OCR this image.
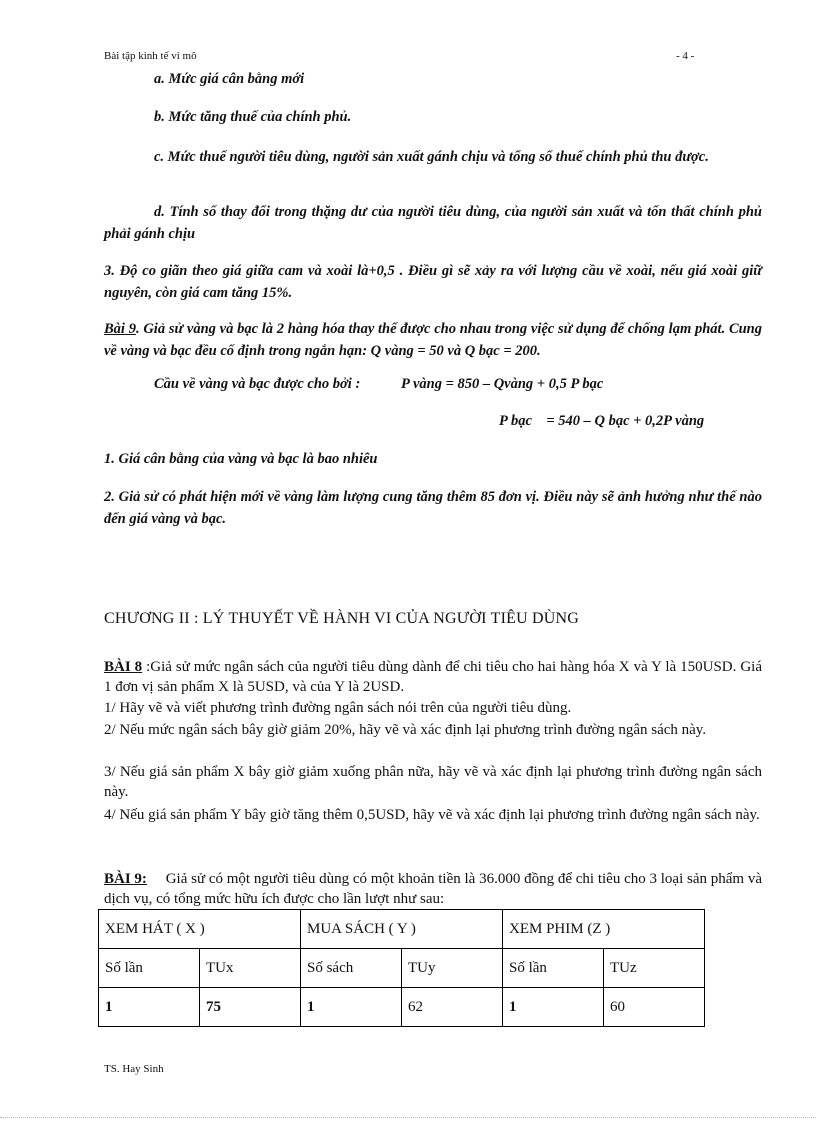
Bài tập kinh tế vi mô	- 4 -
a. Mức giá cân bằng mới
b. Mức tăng thuế của chính phủ.
c. Mức thuế người tiêu dùng, người sản xuất gánh chịu và tổng số thuế chính phủ thu được.
d. Tính số thay đổi trong thặng dư của người tiêu dùng, của người sản xuất và tổn thất chính phủ phải gánh chịu
3. Độ co giãn theo giá giữa cam và xoài là+0,5 . Điều gì sẽ xảy ra với lượng cầu về xoài, nếu giá xoài giữ nguyên, còn giá cam tăng 15%.
Bài 9. Giả sử vàng và bạc là 2 hàng hóa thay thế được cho nhau trong việc sử dụng để chống lạm phát. Cung về vàng và bạc đều cố định trong ngắn hạn: Q vàng = 50 và Q bạc = 200.
Cầu về vàng và bạc được cho bởi :	P vàng = 850 – Qvàng + 0,5 P bạc
P bạc    = 540 – Q bạc + 0,2P vàng
1. Giá cân bằng của vàng và bạc là bao nhiêu
2. Giả sử có phát hiện mới về vàng làm lượng cung tăng thêm 85 đơn vị. Điều này sẽ ảnh hưởng như thế nào đến giá vàng và bạc.
CHƯƠNG II : LÝ THUYẾT VỀ HÀNH VI CỦA NGƯỜI TIÊU DÙNG
BÀI 8 :Giả sử mức ngân sách của người tiêu dùng dành để chi tiêu cho hai hàng hóa X và Y là 150USD. Giá 1 đơn vị sản phẩm X là 5USD, và của Y là 2USD.
1/ Hãy vẽ và viết phương trình đường ngân sách nói trên của người tiêu dùng.
2/ Nếu mức ngân sách bây giờ giảm 20%, hãy vẽ và xác định lại phương trình đường ngân sách này.
3/ Nếu giá sản phẩm X bây giờ giảm xuống phân nữa, hãy vẽ và xác định lại phương trình đường ngân sách này.
4/ Nếu giá sản phẩm Y bây giờ tăng thêm 0,5USD, hãy vẽ và xác định lại phương trình đường ngân sách này.
BÀI 9:     Giả sử có một người tiêu dùng có một khoản tiền là 36.000 đồng để chi tiêu cho 3 loại sản phẩm và dịch vụ, có tổng mức hữu ích được cho lần lượt như sau:
XEM HÁT ( X )		MUA SÁCH ( Y )		XEM PHIM (Z )	
Số lần	TUx	Số sách	TUy	Số lần	TUz
1	75	1	62	1	60
TS. Hay Sinh
